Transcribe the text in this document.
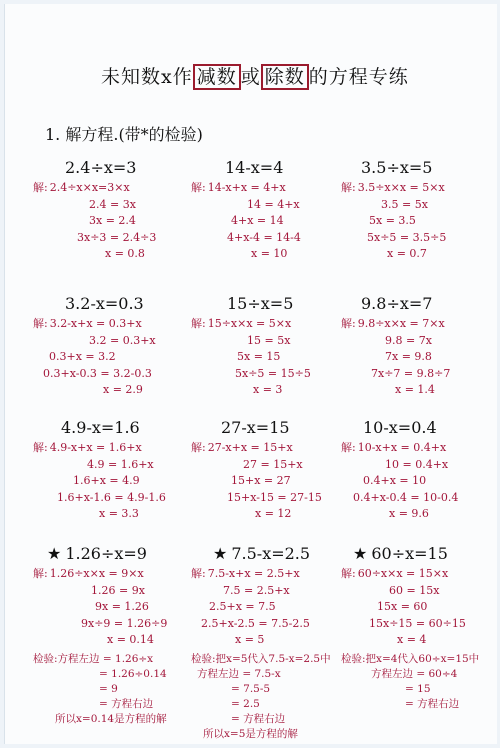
未知数x作 减数 或 除数 的方程专练
1. 解方程.(带*的检验)
2.4÷x=3
解: 2.4÷x×x=3×x
2.4 = 3x
3x = 2.4
3x÷3 = 2.4÷3
x = 0.8
14-x=4
解: 14-x+x = 4+x
14 = 4+x
4+x = 14
4+x-4 = 14-4
x = 10
3.5÷x=5
解: 3.5÷x×x = 5×x
3.5 = 5x
5x = 3.5
5x÷5 = 3.5÷5
x = 0.7
3.2-x=0.3
解: 3.2-x+x = 0.3+x
3.2 = 0.3+x
0.3+x = 3.2
0.3+x-0.3 = 3.2-0.3
x = 2.9
15÷x=5
解: 15÷x×x = 5×x
15 = 5x
5x = 15
5x÷5 = 15÷5
x = 3
9.8÷x=7
解: 9.8÷x×x = 7×x
9.8 = 7x
7x = 9.8
7x÷7 = 9.8÷7
x = 1.4
4.9-x=1.6
解: 4.9-x+x = 1.6+x
4.9 = 1.6+x
1.6+x = 4.9
1.6+x-1.6 = 4.9-1.6
x = 3.3
27-x=15
解: 27-x+x = 15+x
27 = 15+x
15+x = 27
15+x-15 = 27-15
x = 12
10-x=0.4
解: 10-x+x = 0.4+x
10 = 0.4+x
0.4+x = 10
0.4+x-0.4 = 10-0.4
x = 9.6
★ 1.26÷x=9
解: 1.26÷x×x = 9×x
1.26 = 9x
9x = 1.26
9x÷9 = 1.26÷9
x = 0.14
检验:方程左边 = 1.26÷x
= 1.26÷0.14
= 9
= 方程右边
所以x=0.14是方程的解
★ 7.5-x=2.5
解: 7.5-x+x = 2.5+x
7.5 = 2.5+x
2.5+x = 7.5
2.5+x-2.5 = 7.5-2.5
x = 5
检验:把x=5代入7.5-x=2.5中
方程左边 = 7.5-x
= 7.5-5
= 2.5
= 方程右边
所以x=5是方程的解
★ 60÷x=15
解: 60÷x×x = 15×x
60 = 15x
15x = 60
15x÷15 = 60÷15
x = 4
检验:把x=4代入60÷x=15中
方程左边 = 60÷4
= 15
= 方程右边
